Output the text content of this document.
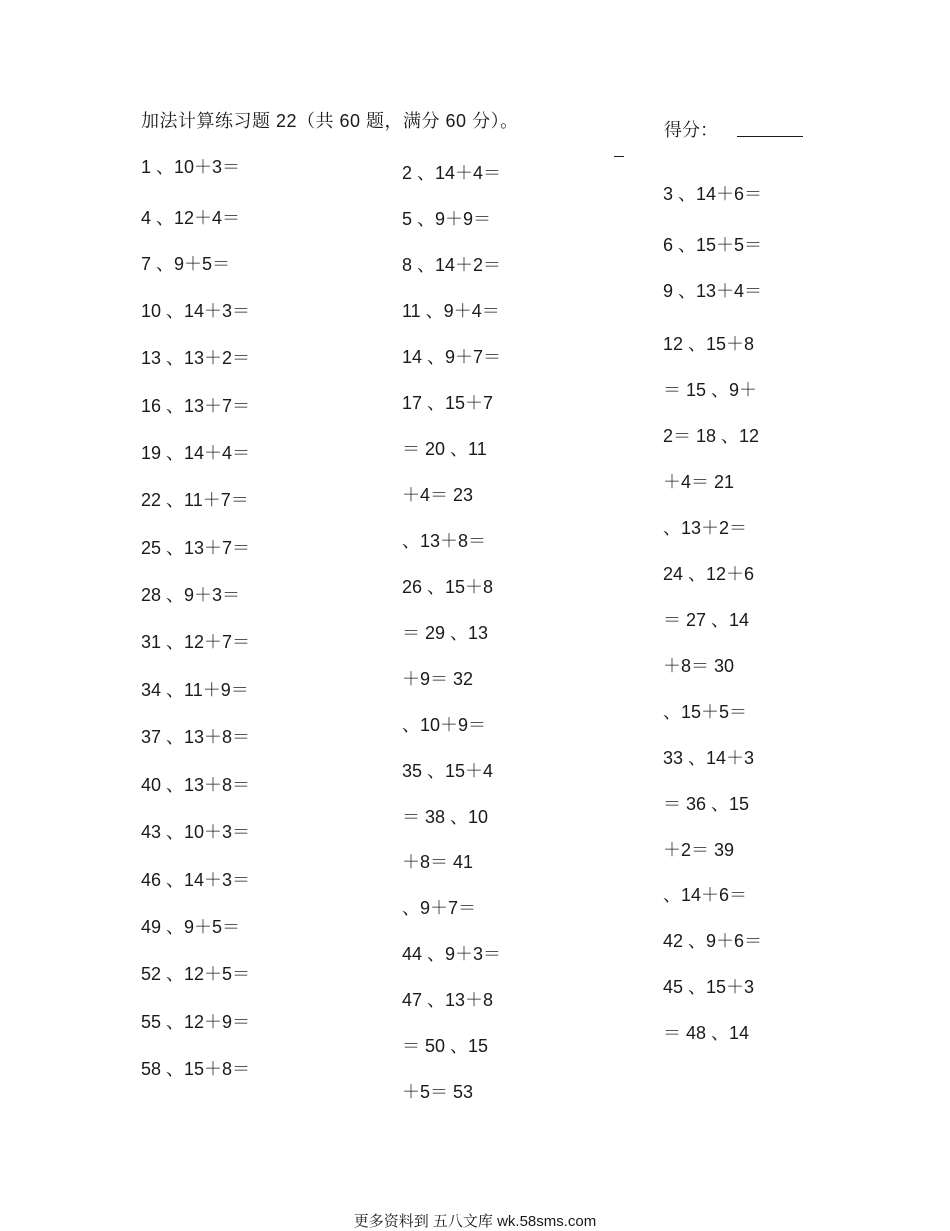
加法计算练习题 22（共 60 题，满分 60 分）。	得分：
1 、10＋3＝
4 、12＋4＝
7 、9＋5＝
10 、14＋3＝
13 、13＋2＝
16 、13＋7＝
19 、14＋4＝
22 、11＋7＝
25 、13＋7＝
28 、9＋3＝
31 、12＋7＝
34 、11＋9＝
37 、13＋8＝
40 、13＋8＝
43 、10＋3＝
46 、14＋3＝
49 、9＋5＝
52 、12＋5＝
55 、12＋9＝
58 、15＋8＝
2 、14＋4＝
5 、9＋9＝
8 、14＋2＝
11 、9＋4＝
14 、9＋7＝
17 、15＋7
＝ 20 、11
＋4＝ 23
、13＋8＝
26 、15＋8
＝ 29 、13
＋9＝ 32
、10＋9＝
35 、15＋4
＝ 38 、10
＋8＝ 41
、9＋7＝
44 、9＋3＝
47 、13＋8
＝ 50 、15
＋5＝ 53
3 、14＋6＝
6 、15＋5＝
9 、13＋4＝
12 、15＋8
＝ 15 、9＋
2＝ 18 、12
＋4＝ 21
、13＋2＝
24 、12＋6
＝ 27 、14
＋8＝ 30
、15＋5＝
33 、14＋3
＝ 36 、15
＋2＝ 39
、14＋6＝
42 、9＋6＝
45 、15＋3
＝ 48 、14
更多资料到 五八文库 wk.58sms.com
